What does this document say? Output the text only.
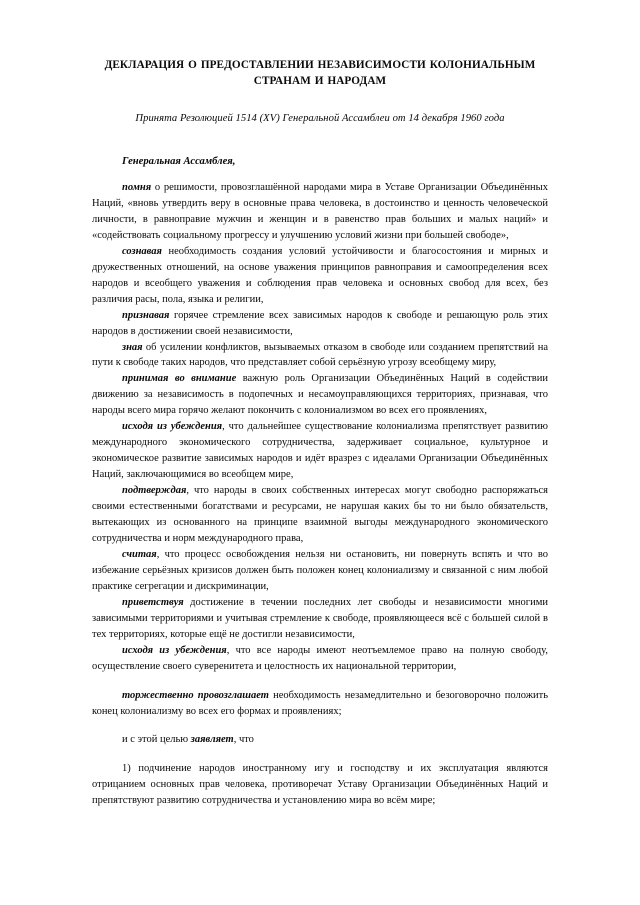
ДЕКЛАРАЦИЯ О ПРЕДОСТАВЛЕНИИ НЕЗАВИСИМОСТИ КОЛОНИАЛЬНЫМ СТРАНАМ И НАРОДАМ

Принята Резолюцией 1514 (XV) Генеральной Ассамблеи от 14 декабря 1960 года

Генеральная Ассамблея,

помня о решимости, провозглашённой народами мира в Уставе Организации Объединённых Наций, «вновь утвердить веру в основные права человека, в достоинство и ценность человеческой личности, в равноправие мужчин и женщин и в равенство прав больших и малых наций» и «содействовать социальному прогрессу и улучшению условий жизни при большей свободе»,

сознавая необходимость создания условий устойчивости и благосостояния и мирных и дружественных отношений, на основе уважения принципов равноправия и самоопределения всех народов и всеобщего уважения и соблюдения прав человека и основных свобод для всех, без различия расы, пола, языка и религии,

признавая горячее стремление всех зависимых народов к свободе и решающую роль этих народов в достижении своей независимости,

зная об усилении конфликтов, вызываемых отказом в свободе или созданием препятствий на пути к свободе таких народов, что представляет собой серьёзную угрозу всеобщему миру,

принимая во внимание важную роль Организации Объединённых Наций в содействии движению за независимость в подопечных и несамоуправляющихся территориях, признавая, что народы всего мира горячо желают покончить с колониализмом во всех его проявлениях,

исходя из убеждения, что дальнейшее существование колониализма препятствует развитию международного экономического сотрудничества, задерживает социальное, культурное и экономическое развитие зависимых народов и идёт вразрез с идеалами Организации Объединённых Наций, заключающимися во всеобщем мире,

подтверждая, что народы в своих собственных интересах могут свободно распоряжаться своими естественными богатствами и ресурсами, не нарушая каких бы то ни было обязательств, вытекающих из основанного на принципе взаимной выгоды международного экономического сотрудничества и норм международного права,

считая, что процесс освобождения нельзя ни остановить, ни повернуть вспять и что во избежание серьёзных кризисов должен быть положен конец колониализму и связанной с ним любой практике сегрегации и дискриминации,

приветствуя достижение в течении последних лет свободы и независимости многими зависимыми территориями и учитывая стремление к свободе, проявляющееся всё с большей силой в тех территориях, которые ещё не достигли независимости,

исходя из убеждения, что все народы имеют неотъемлемое право на полную свободу, осуществление своего суверенитета и целостность их национальной территории,

торжественно провозглашает необходимость незамедлительно и безоговорочно положить конец колониализму во всех его формах и проявлениях;

и с этой целью заявляет, что

1) подчинение народов иностранному игу и господству и их эксплуатация являются отрицанием основных прав человека, противоречат Уставу Организации Объединённых Наций и препятствуют развитию сотрудничества и установлению мира во всём мире;
